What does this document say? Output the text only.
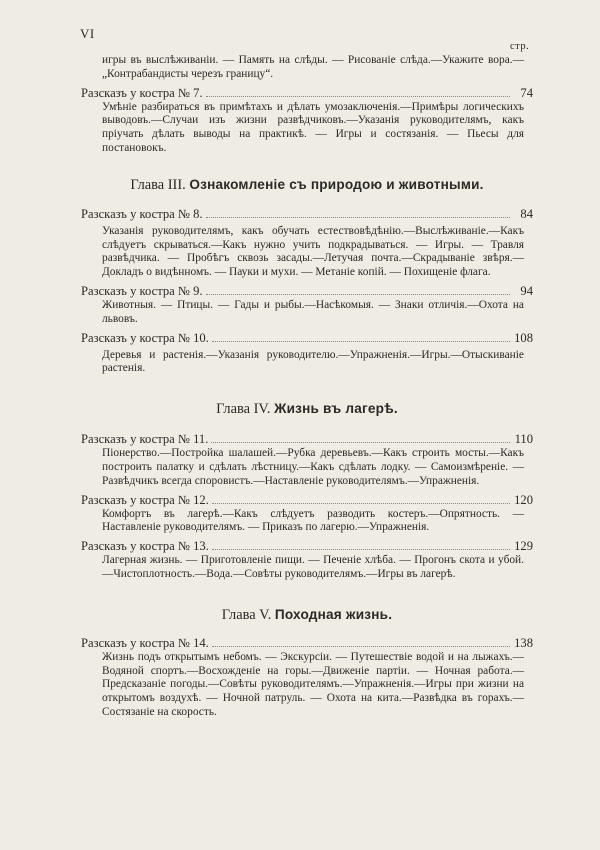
VI
стр.
игры въ выслѣживаніи. — Память на слѣды. — Рисованіе слѣда.—Укажите вора.— „Контрабандисты черезъ границу“.
Разсказъ у костра № 7.	74
Умѣніе разбираться въ примѣтахъ и дѣлать умозаключенія.—Примѣры логическихъ выводовъ.—Случаи изъ жизни развѣдчиковъ.—Указанія руководителямъ, какъ пріучать дѣлать выводы на практикѣ. — Игры и состязанія. — Пьесы для постановокъ.
Глава III. Ознакомленіе съ природою и животными.
Разсказъ у костра № 8.	84
Указанія руководителямъ, какъ обучать естествовѣдѣнію.—Выслѣживаніе.—Какъ слѣдуетъ скрываться.—Какъ нужно учить подкрадываться. — Игры. — Травля развѣдчика. — Пробѣгъ сквозь засады.—Летучая почта.—Скрадываніе звѣря.—Докладъ о видѣнномъ. — Пауки и мухи. — Метаніе копій. — Похищеніе флага.
Разсказъ у костра № 9.	94
Животныя. — Птицы. — Гады и рыбы.—Насѣкомыя. — Знаки отличія.—Охота на львовъ.
Разсказъ у костра № 10.	108
Деревья и растенія.—Указанія руководителю.—Упражненія.—Игры.—Отыскиваніе растенія.
Глава IV. Жизнь въ лагерѣ.
Разсказъ у костра № 11.	110
Піонерство.—Постройка шалашей.—Рубка деревьевъ.—Какъ строить мосты.—Какъ построить палатку и сдѣлать лѣстницу.—Какъ сдѣлать лодку. — Самоизмѣреніе. — Развѣдчикъ всегда споровистъ.—Наставленіе руководителямъ.—Упражненія.
Разсказъ у костра № 12.	120
Комфортъ въ лагерѣ.—Какъ слѣдуетъ разводить костеръ.—Опрятность. — Наставленіе руководителямъ. — Приказъ по лагерю.—Упражненія.
Разсказъ у костра № 13.	129
Лагерная жизнь. — Приготовленіе пищи. — Печеніе хлѣба. — Прогонъ скота и убой.—Чистоплотность.—Вода.—Совѣты руководителямъ.—Игры въ лагерѣ.
Глава V. Походная жизнь.
Разсказъ у костра № 14.	138
Жизнь подъ открытымъ небомъ. — Экскурсіи. — Путешествіе водой и на лыжахъ.—Водяной спортъ.—Восхожденіе на горы.—Движеніе партіи. — Ночная работа.—Предсказаніе погоды.—Совѣты руководителямъ.—Упражненія.—Игры при жизни на открытомъ воздухѣ. — Ночной патруль. — Охота на кита.—Развѣдка въ горахъ.—Состязаніе на скорость.
